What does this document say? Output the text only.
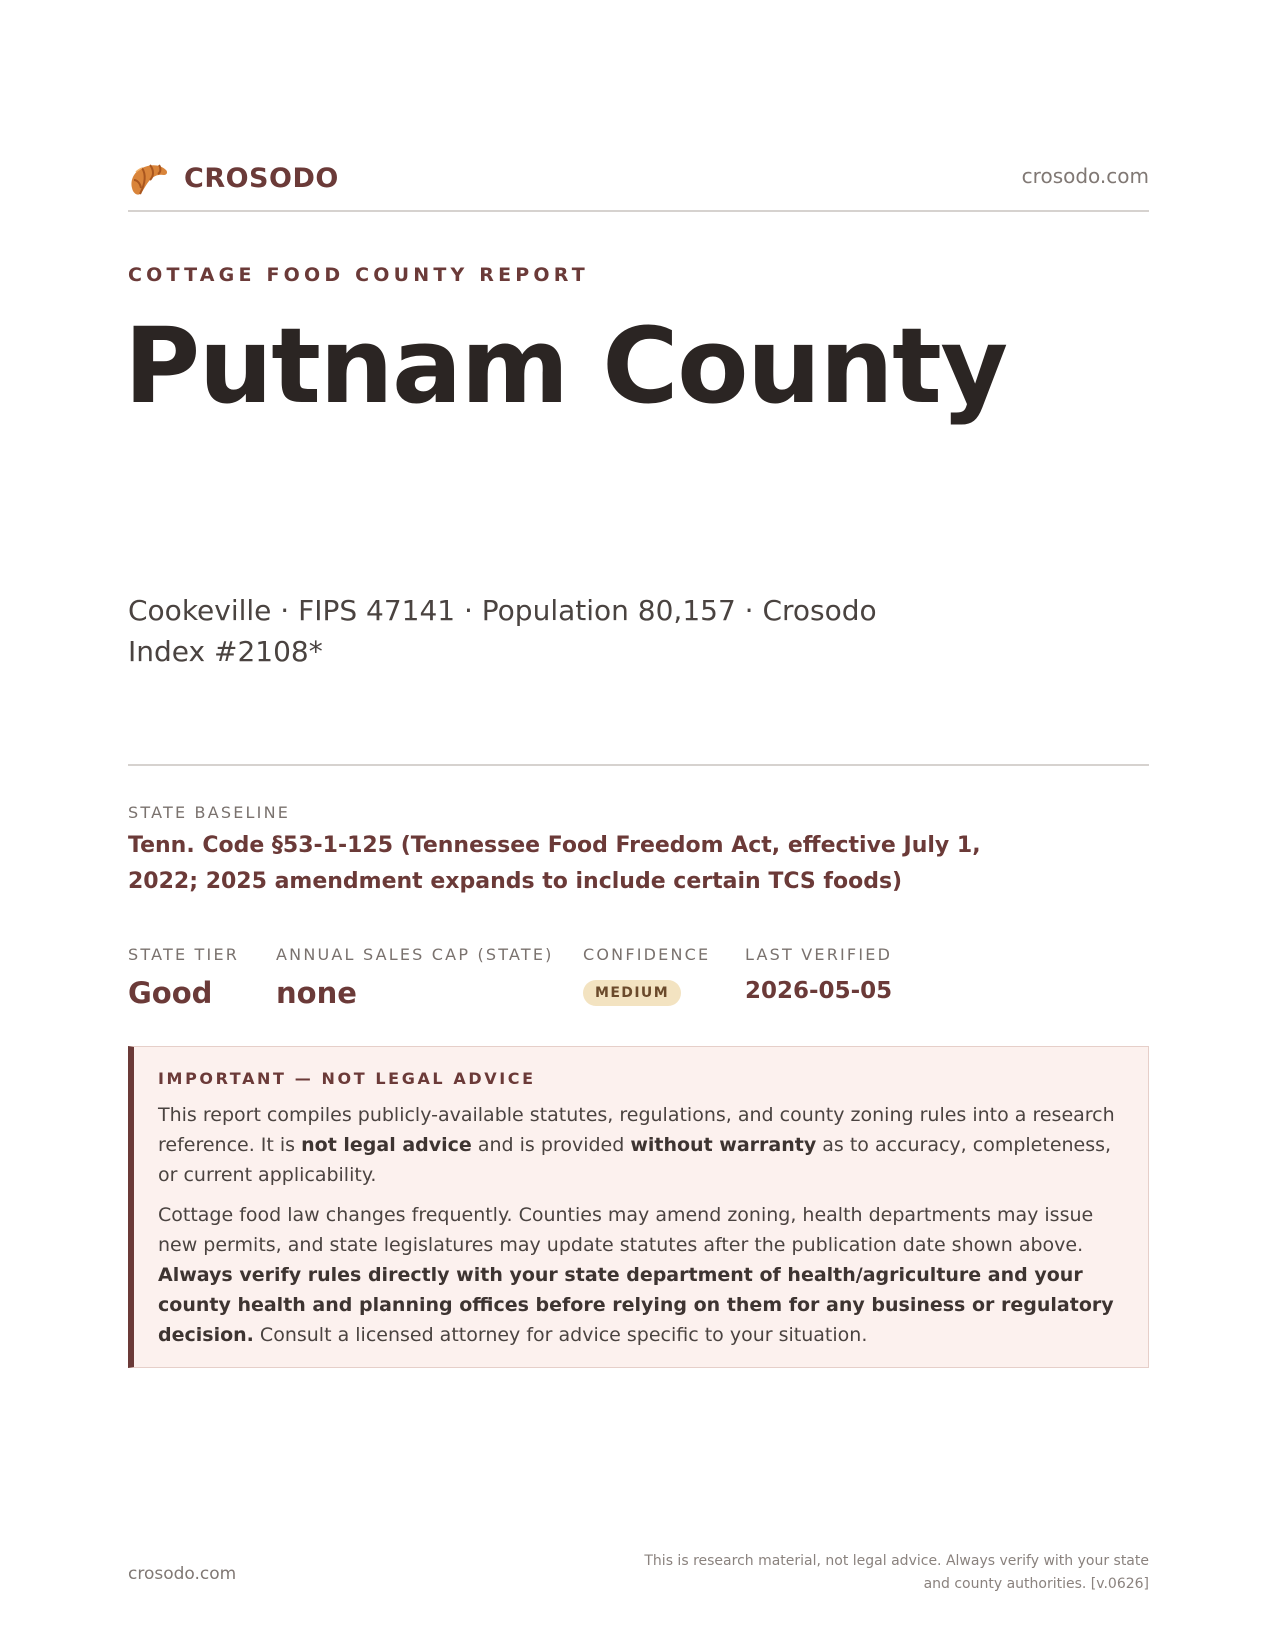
CROSODO	crosodo.com
COTTAGE FOOD COUNTY REPORT
Putnam County
Cookeville · FIPS 47141 · Population 80,157 · Crosodo Index #2108*
STATE BASELINE
Tenn. Code §53-1-125 (Tennessee Food Freedom Act, effective July 1, 2022; 2025 amendment expands to include certain TCS foods)
STATE TIER
Good
ANNUAL SALES CAP (STATE)
none
CONFIDENCE
MEDIUM
LAST VERIFIED
2026-05-05
IMPORTANT — NOT LEGAL ADVICE

This report compiles publicly-available statutes, regulations, and county zoning rules into a research reference. It is not legal advice and is provided without warranty as to accuracy, completeness, or current applicability.

Cottage food law changes frequently. Counties may amend zoning, health departments may issue new permits, and state legislatures may update statutes after the publication date shown above. Always verify rules directly with your state department of health/agriculture and your county health and planning offices before relying on them for any business or regulatory decision. Consult a licensed attorney for advice specific to your situation.

crosodo.com
This is research material, not legal advice. Always verify with your state and county authorities. [v.0626]
